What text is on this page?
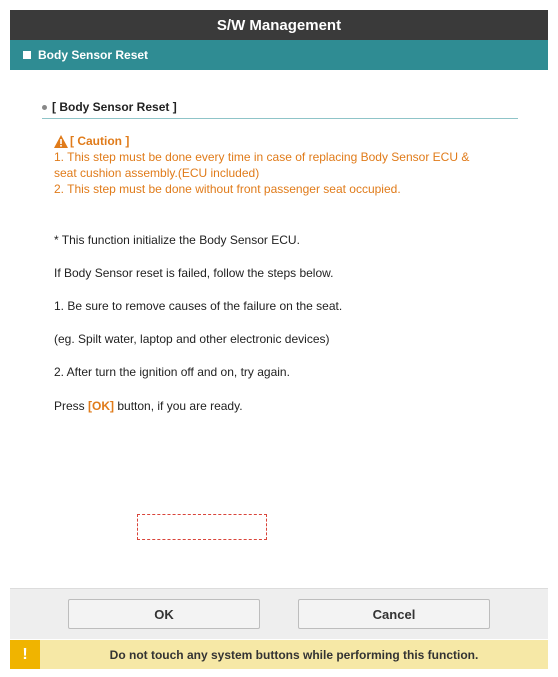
S/W Management
Body Sensor Reset
[ Body Sensor Reset ]
[ Caution ]
1. This step must be done every time in case of replacing Body Sensor ECU &
seat cushion assembly.(ECU included)
2. This step must be done without front passenger seat occupied.
* This function initialize the Body Sensor ECU.
If Body Sensor reset is failed, follow the steps below.
1. Be sure to remove causes of the failure on the seat.
(eg. Spilt water, laptop and other electronic devices)
2. After turn the ignition off and on, try again.
Press [OK] button, if you are ready.
OK	Cancel
!	Do not touch any system buttons while performing this function.
